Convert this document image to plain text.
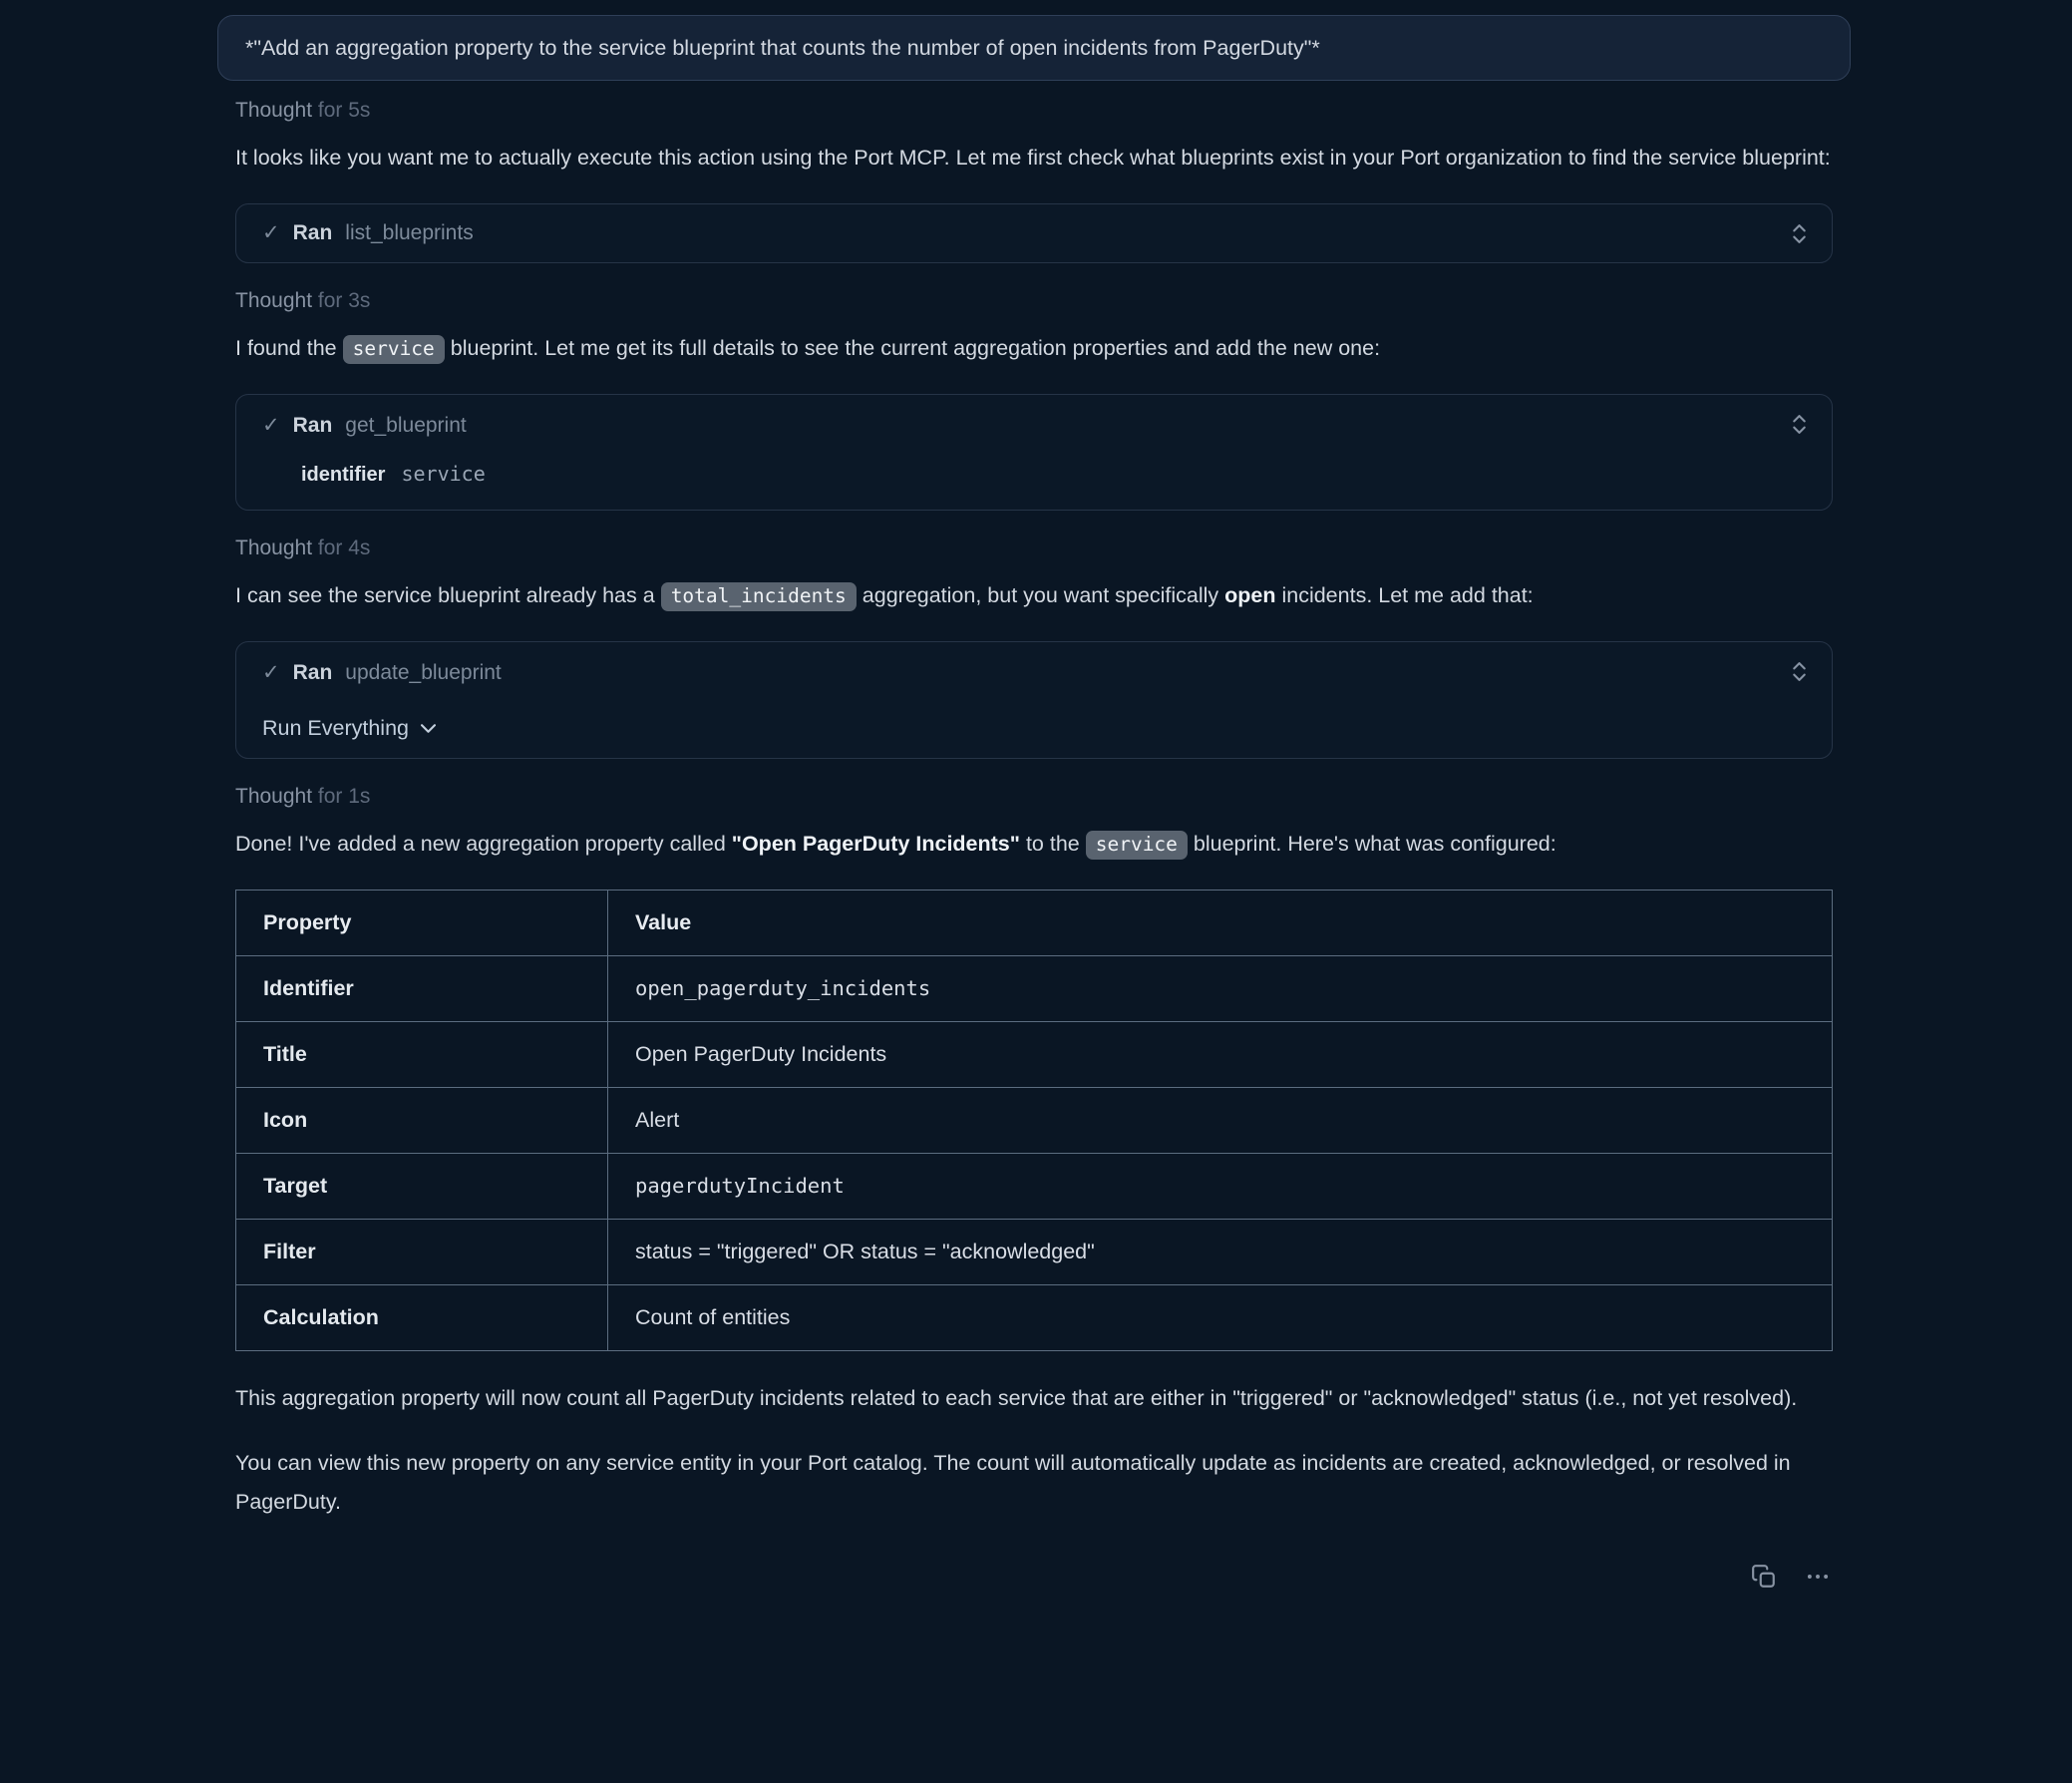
*"Add an aggregation property to the service blueprint that counts the number of open incidents from PagerDuty"*
Thought for 5s

It looks like you want me to actually execute this action using the Port MCP. Let me first check what blueprints exist in your Port organization to find the service blueprint:

✓ Ran list_blueprints
Thought for 3s

I found the service blueprint. Let me get its full details to see the current aggregation properties and add the new one:

✓ Ran get_blueprint
identifier service
Thought for 4s

I can see the service blueprint already has a total_incidents aggregation, but you want specifically open incidents. Let me add that:

✓ Ran update_blueprint
Run Everything
Thought for 1s

Done! I've added a new aggregation property called "Open PagerDuty Incidents" to the service blueprint. Here's what was configured:

Property	Value
Identifier	open_pagerduty_incidents
Title	Open PagerDuty Incidents
Icon	Alert
Target	pagerdutyIncident
Filter	status = "triggered" OR status = "acknowledged"
Calculation	Count of entities

This aggregation property will now count all PagerDuty incidents related to each service that are either in "triggered" or "acknowledged" status (i.e., not yet resolved).

You can view this new property on any service entity in your Port catalog. The count will automatically update as incidents are created, acknowledged, or resolved in PagerDuty.
